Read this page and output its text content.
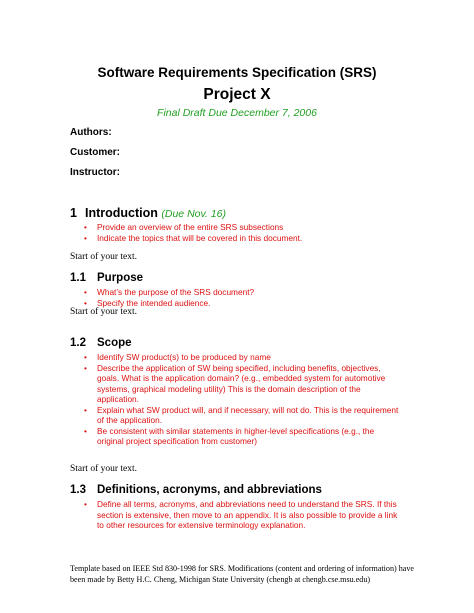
Software Requirements Specification (SRS)
Project X
Final Draft Due December 7, 2006
Authors:
Customer:
Instructor:
1 Introduction (Due Nov. 16)
• Provide an overview of the entire SRS subsections
• Indicate the topics that will be covered in this document.
Start of your text.
1.1 Purpose
• What’s the purpose of the SRS document?
• Specify the intended audience.
Start of your text.
1.2 Scope
• Identify SW product(s) to be produced by name
• Describe the application of SW being specified, including benefits, objectives, goals. What is the application domain? (e.g., embedded system for automotive systems, graphical modeling utility) This is the domain description of the application.
• Explain what SW product will, and if necessary, will not do. This is the requirement of the application.
• Be consistent with similar statements in higher-level specifications (e.g., the original project specification from customer)
Start of your text.
1.3 Definitions, acronyms, and abbreviations
• Define all terms, acronyms, and abbreviations need to understand the SRS. If this section is extensive, then move to an appendix. It is also possible to provide a link to other resources for extensive terminology explanation.
Template based on IEEE Std 830-1998 for SRS. Modifications (content and ordering of information) have been made by Betty H.C. Cheng, Michigan State University (chengb at chengb.cse.msu.edu)
